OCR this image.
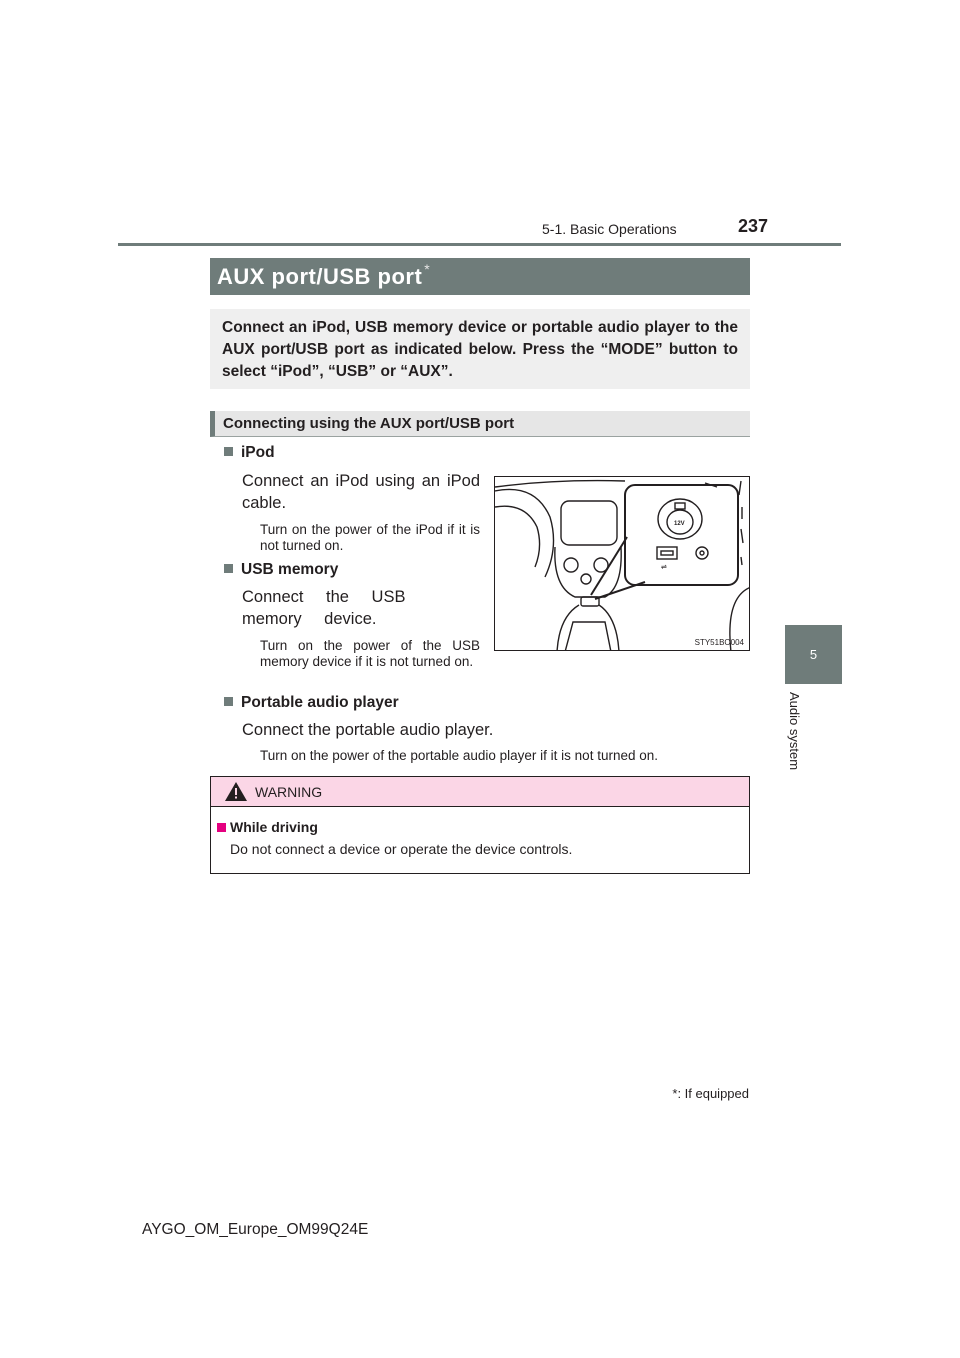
5-1. Basic Operations	237
5
Audio system
AUX port/USB port *
Connect an iPod, USB memory device or portable audio player to the AUX port/USB port as indicated below. Press the “MODE” button to select “iPod”, “USB” or “AUX”.
Connecting using the AUX port/USB port
iPod
Connect an iPod using an iPod cable.
Turn on the power of the iPod if it is not turned on.
USB memory
Connect the USB memory device.
Turn on the power of the USB memory device if it is not turned on.
12V
⇌
STY51BO004
Portable audio player
Connect the portable audio player.
Turn on the power of the portable audio player if it is not turned on.
WARNING
While driving
Do not connect a device or operate the device controls.
*: If equipped
AYGO_OM_Europe_OM99Q24E
